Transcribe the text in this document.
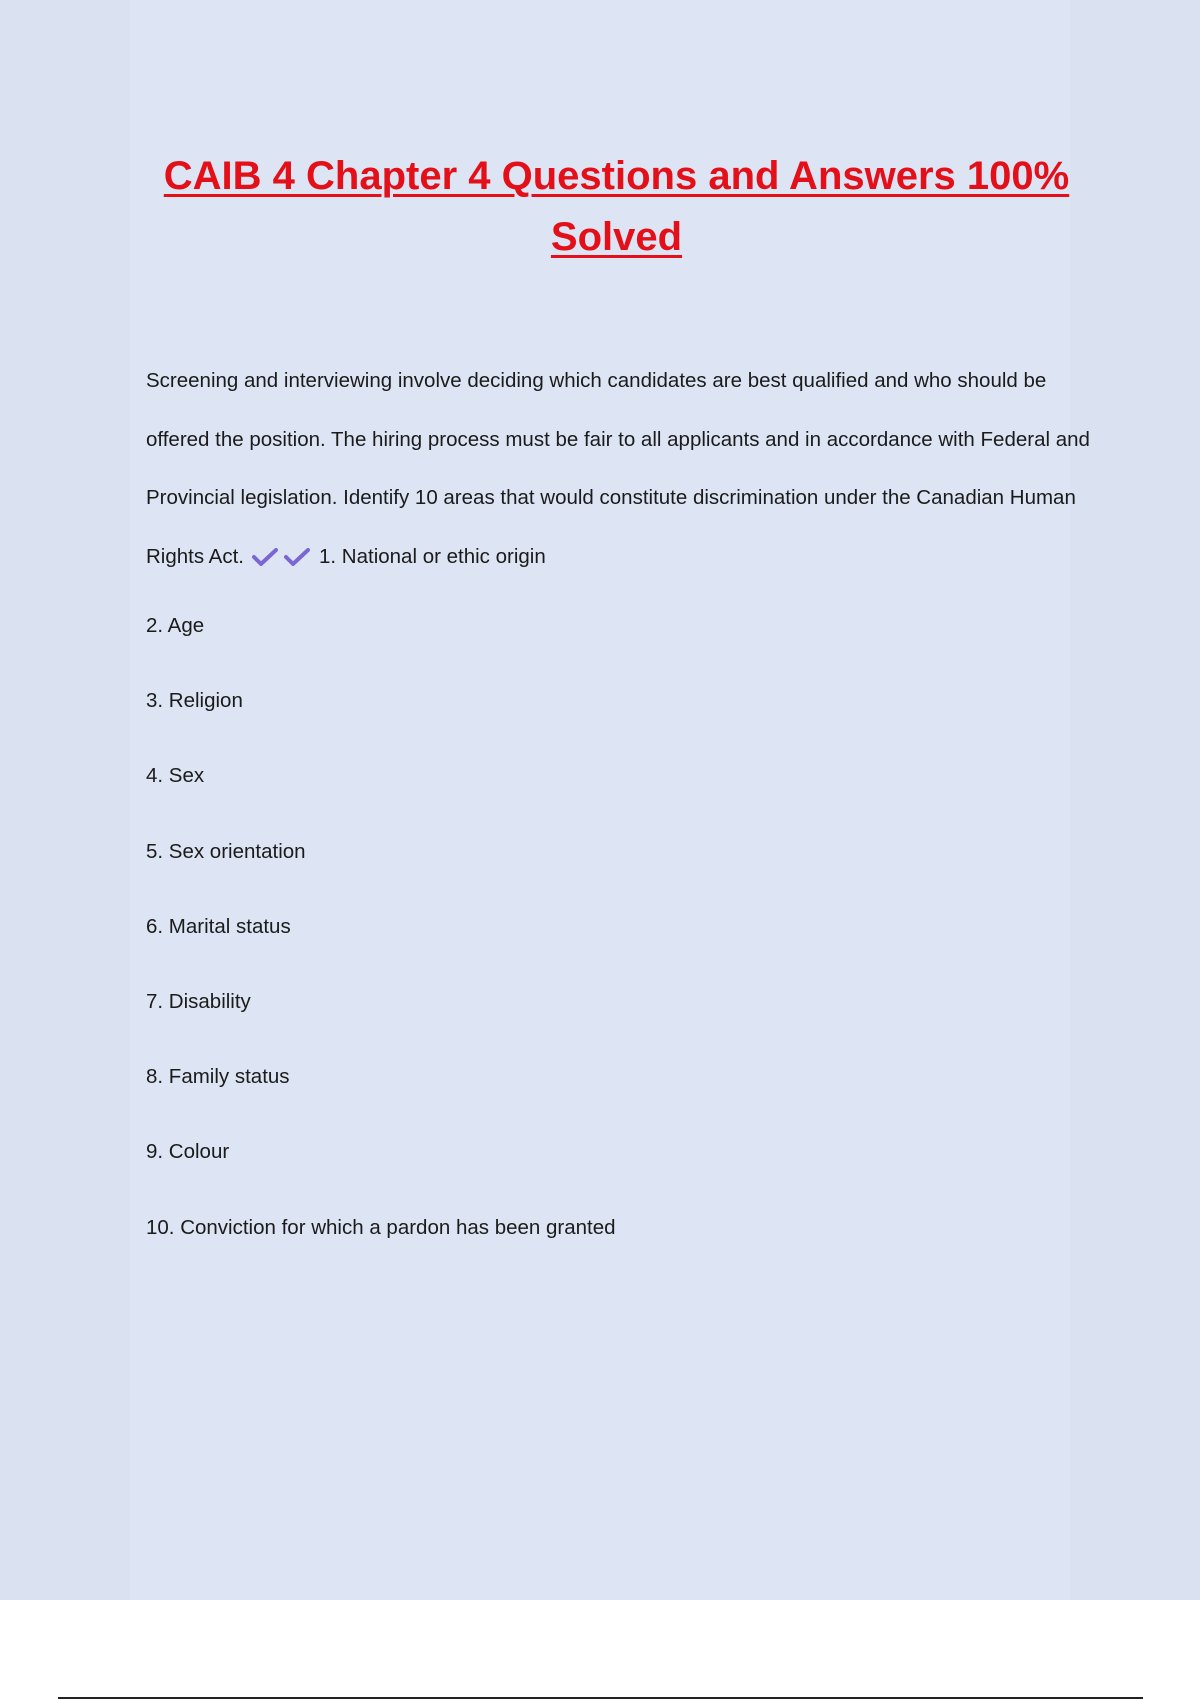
CAIB 4 Chapter 4 Questions and Answers 100% Solved

Screening and interviewing involve deciding which candidates are best qualified and who should be offered the position. The hiring process must be fair to all applicants and in accordance with Federal and Provincial legislation. Identify 10 areas that would constitute discrimination under the Canadian Human Rights Act.	1. National or ethic origin

2. Age
3. Religion
4. Sex
5. Sex orientation
6. Marital status
7. Disability
8. Family status
9. Colour
10. Conviction for which a pardon has been granted
